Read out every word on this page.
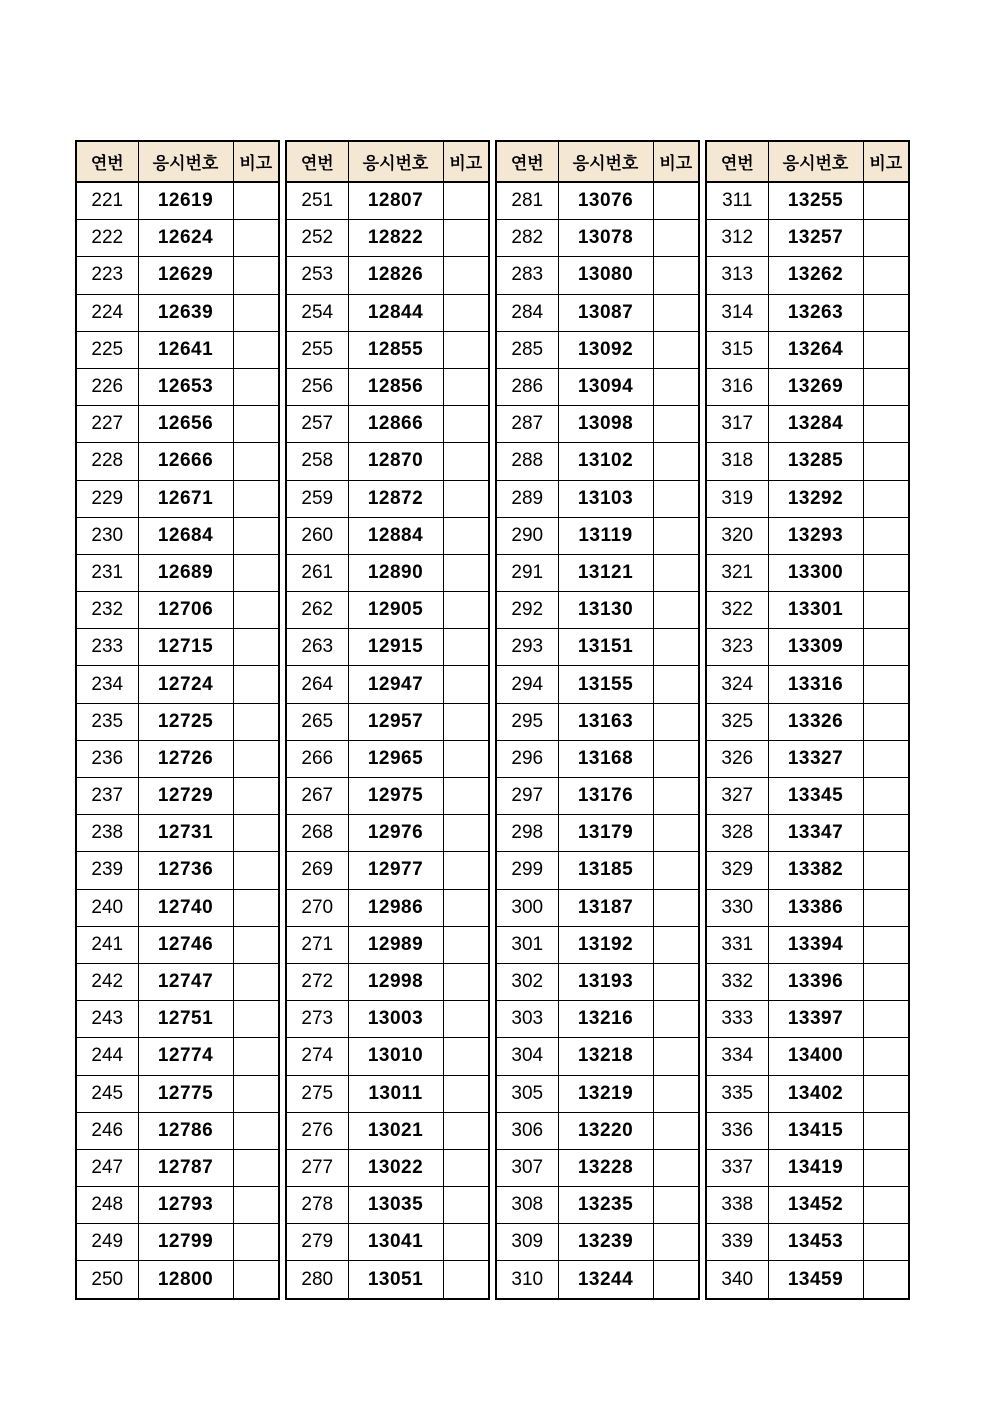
연번	응시번호	비고
221	12619	
222	12624	
223	12629	
224	12639	
225	12641	
226	12653	
227	12656	
228	12666	
229	12671	
230	12684	
231	12689	
232	12706	
233	12715	
234	12724	
235	12725	
236	12726	
237	12729	
238	12731	
239	12736	
240	12740	
241	12746	
242	12747	
243	12751	
244	12774	
245	12775	
246	12786	
247	12787	
248	12793	
249	12799	
250	12800	
연번	응시번호	비고
251	12807	
252	12822	
253	12826	
254	12844	
255	12855	
256	12856	
257	12866	
258	12870	
259	12872	
260	12884	
261	12890	
262	12905	
263	12915	
264	12947	
265	12957	
266	12965	
267	12975	
268	12976	
269	12977	
270	12986	
271	12989	
272	12998	
273	13003	
274	13010	
275	13011	
276	13021	
277	13022	
278	13035	
279	13041	
280	13051	
연번	응시번호	비고
281	13076	
282	13078	
283	13080	
284	13087	
285	13092	
286	13094	
287	13098	
288	13102	
289	13103	
290	13119	
291	13121	
292	13130	
293	13151	
294	13155	
295	13163	
296	13168	
297	13176	
298	13179	
299	13185	
300	13187	
301	13192	
302	13193	
303	13216	
304	13218	
305	13219	
306	13220	
307	13228	
308	13235	
309	13239	
310	13244	
연번	응시번호	비고
311	13255	
312	13257	
313	13262	
314	13263	
315	13264	
316	13269	
317	13284	
318	13285	
319	13292	
320	13293	
321	13300	
322	13301	
323	13309	
324	13316	
325	13326	
326	13327	
327	13345	
328	13347	
329	13382	
330	13386	
331	13394	
332	13396	
333	13397	
334	13400	
335	13402	
336	13415	
337	13419	
338	13452	
339	13453	
340	13459	
